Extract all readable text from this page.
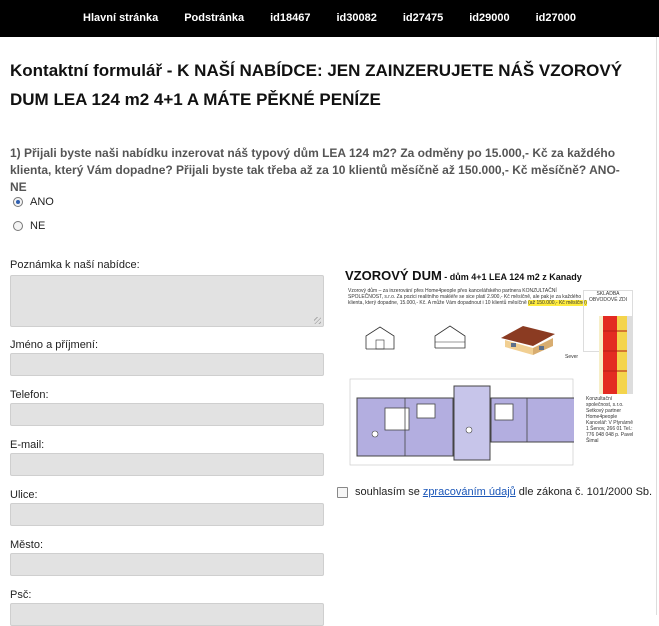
Hlavní stránka	Podstránka	id18467	id30082	id27475	id29000	id27000
Kontaktní formulář - K NAŠÍ NABÍDCE: JEN ZAINZERUJETE NÁŠ VZOROVÝ DUM LEA 124 m2 4+1 A MÁTE PĚKNÉ PENÍZE
1) Přijali byste naši nabídku inzerovat náš typový dům LEA 124 m2? Za odměny po 15.000,- Kč za každého klienta, který Vám dopadne? Přijali byste tak třeba až za 10 klientů měsíčně až 150.000,- Kč měsíčně? ANO-NE
ANO
NE
Poznámka k naší nabídce:
Jméno a příjmení:
Telefon:
E-mail:
Ulice:
Město:
Psč:
VZOROVÝ DUM - dům 4+1 LEA 124 m2 z Kanady
Vzorový dům – za inzerování přes Home4people přes kancelářského partnera KONZULTAČNÍ SPOLEČNOST, s.r.o. Za pozici realitního makléře se sice platí 2.900,- Kč měsíčně, ale pak je za každého klienta, který dopadne, 15.000,- Kč. A může Vám dopadnout i 10 klientů měsíčně (až 150.000,- Kč měsíčně)
SKLADBA OBVODOVÉ ZDI
Konzultační společnost, s.r.o. Setkový partner Home4people Kancelář: V Plynárně 1 Šenov, 266 01 Tel.: 776 048 048 p. Pavel Šimal
Sever
souhlasím se zpracováním údajů dle zákona č. 101/2000 Sb.
